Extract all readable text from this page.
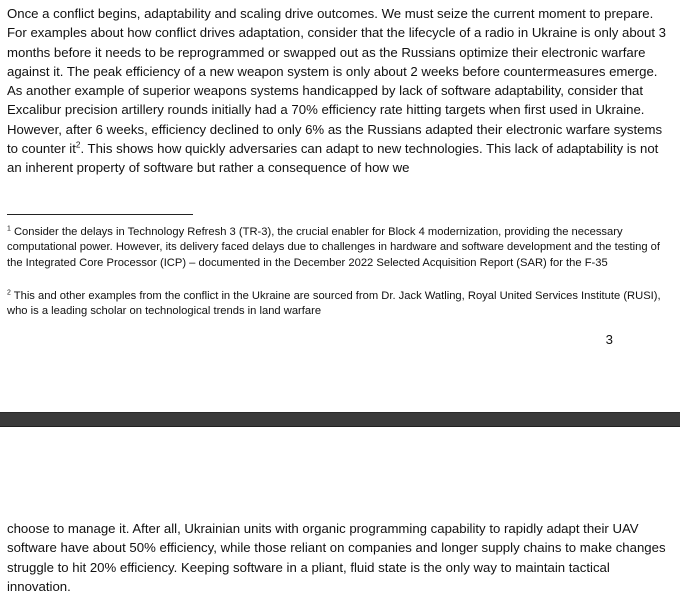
Once a conflict begins, adaptability and scaling drive outcomes. We must seize the current moment to prepare. For examples about how conflict drives adaptation, consider that the lifecycle of a radio in Ukraine is only about 3 months before it needs to be reprogrammed or swapped out as the Russians optimize their electronic warfare against it. The peak efficiency of a new weapon system is only about 2 weeks before countermeasures emerge. As another example of superior weapons systems handicapped by lack of software adaptability, consider that Excalibur precision artillery rounds initially had a 70% efficiency rate hitting targets when first used in Ukraine. However, after 6 weeks, efficiency declined to only 6% as the Russians adapted their electronic warfare systems to counter $it^2$. This shows how quickly adversaries can adapt to new technologies. This lack of adaptability is not an inherent property of software but rather a consequence of how we

$^1$ Consider the delays in Technology Refresh 3 (TR-3), the crucial enabler for Block 4 modernization, providing the necessary computational power. However, its delivery faced delays due to challenges in hardware and software development and the testing of the Integrated Core Processor (ICP) – documented in the December 2022 Selected Acquisition Report (SAR) for the F-35

$^2$ This and other examples from the conflict in the Ukraine are sourced from Dr. Jack Watling, Royal United Services Institute (RUSI), who is a leading scholar on technological trends in land warfare

3

choose to manage it. After all, Ukrainian units with organic programming capability to rapidly adapt their UAV software have about 50% efficiency, while those reliant on companies and longer supply chains to make changes struggle to hit 20% efficiency. Keeping software in a pliant, fluid state is the only way to maintain tactical innovation.
